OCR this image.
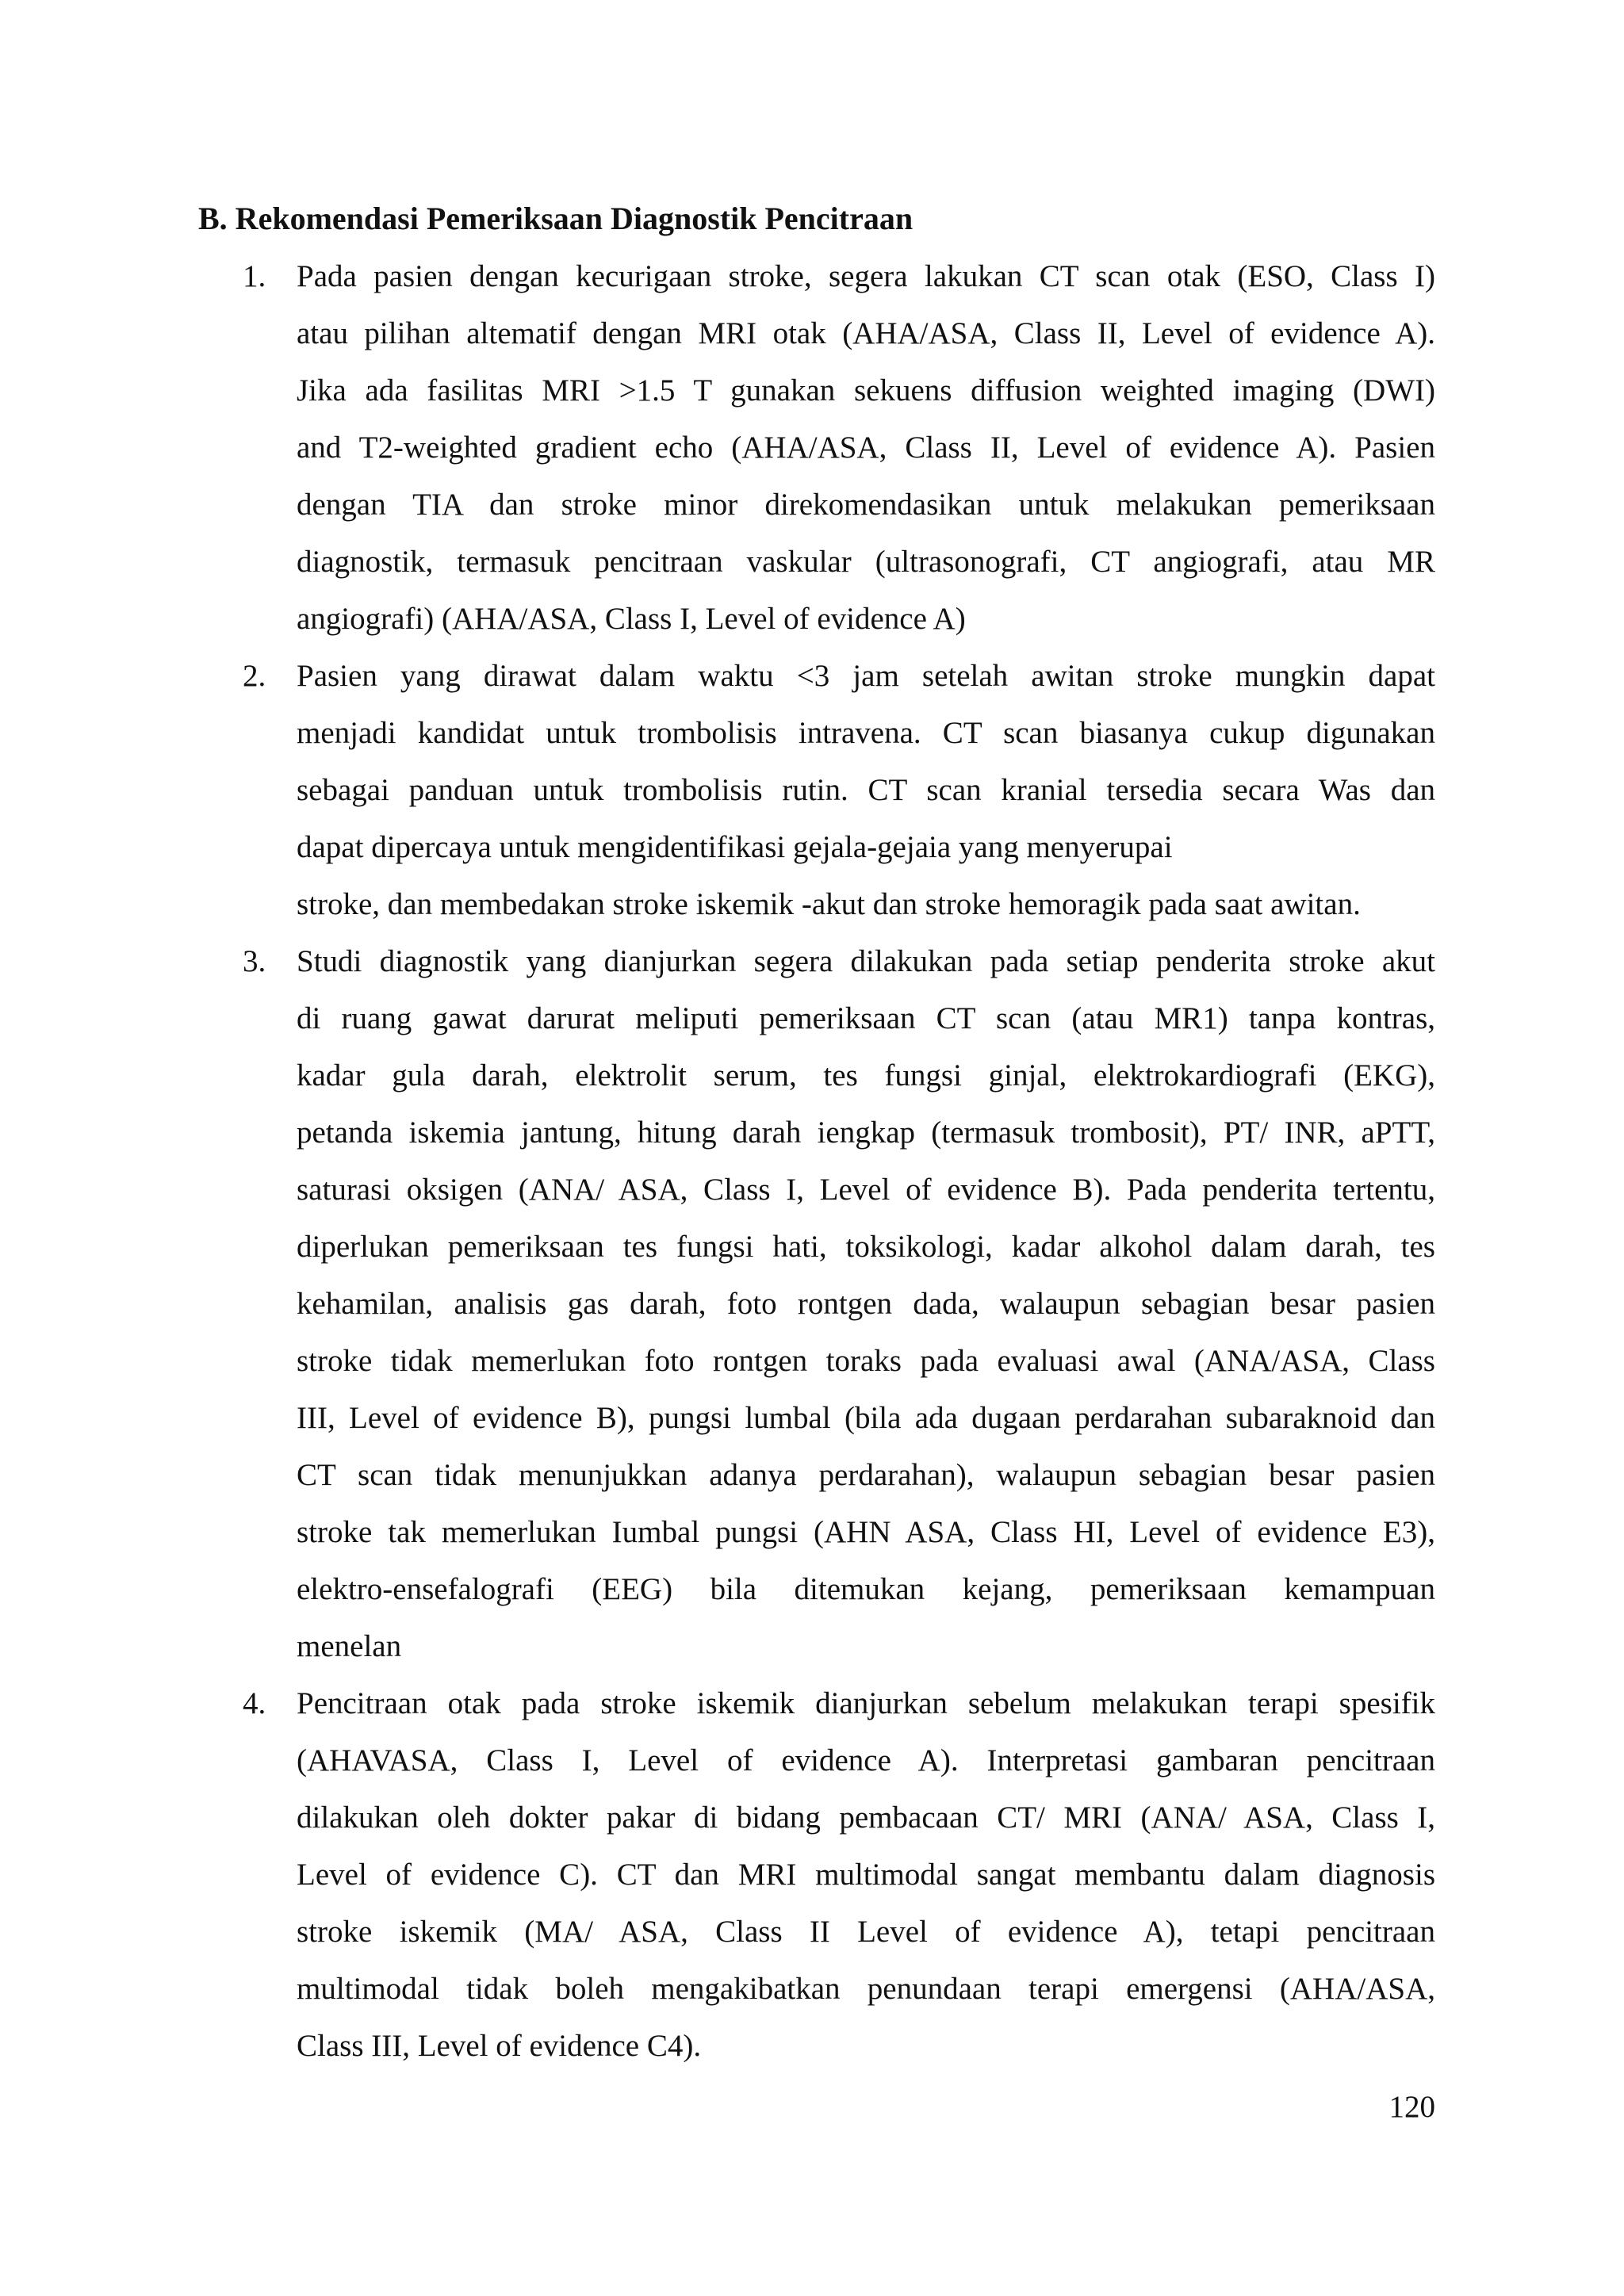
B. Rekomendasi Pemeriksaan Diagnostik Pencitraan
1. Pada pasien dengan kecurigaan stroke, segera lakukan CT scan otak (ESO, Class I)
atau pilihan altematif dengan MRI otak (AHA/ASA, Class II, Level of evidence A).
Jika ada fasilitas MRI >1.5 T gunakan sekuens diffusion weighted imaging (DWI)
and T2-weighted gradient echo (AHA/ASA, Class II, Level of evidence A). Pasien
dengan TIA dan stroke minor direkomendasikan untuk melakukan pemeriksaan
diagnostik, termasuk pencitraan vaskular (ultrasonografi, CT angiografi, atau MR
angiografi) (AHA/ASA, Class I, Level of evidence A)
2. Pasien yang dirawat dalam waktu <3 jam setelah awitan stroke mungkin dapat
menjadi kandidat untuk trombolisis intravena. CT scan biasanya cukup digunakan
sebagai panduan untuk trombolisis rutin. CT scan kranial tersedia secara Was dan
dapat dipercaya untuk mengidentifikasi gejala-gejaia yang menyerupai
stroke, dan membedakan stroke iskemik -akut dan stroke hemoragik pada saat awitan.
3. Studi diagnostik yang dianjurkan segera dilakukan pada setiap penderita stroke akut
di ruang gawat darurat meliputi pemeriksaan CT scan (atau MR1) tanpa kontras,
kadar gula darah, elektrolit serum, tes fungsi ginjal, elektrokardiografi (EKG),
petanda iskemia jantung, hitung darah iengkap (termasuk trombosit), PT/ INR, aPTT,
saturasi oksigen (ANA/ ASA, Class I, Level of evidence B). Pada penderita tertentu,
diperlukan pemeriksaan tes fungsi hati, toksikologi, kadar alkohol dalam darah, tes
kehamilan, analisis gas darah, foto rontgen dada, walaupun sebagian besar pasien
stroke tidak memerlukan foto rontgen toraks pada evaluasi awal (ANA/ASA, Class
III, Level of evidence B), pungsi lumbal (bila ada dugaan perdarahan subaraknoid dan
CT scan tidak menunjukkan adanya perdarahan), walaupun sebagian besar pasien
stroke tak memerlukan Iumbal pungsi (AHN ASA, Class HI, Level of evidence E3),
elektro-ensefalografi (EEG) bila ditemukan kejang, pemeriksaan kemampuan
menelan
4. Pencitraan otak pada stroke iskemik dianjurkan sebelum melakukan terapi spesifik
(AHAVASA, Class I, Level of evidence A). Interpretasi gambaran pencitraan
dilakukan oleh dokter pakar di bidang pembacaan CT/ MRI (ANA/ ASA, Class I,
Level of evidence C). CT dan MRI multimodal sangat membantu dalam diagnosis
stroke iskemik (MA/ ASA, Class II Level of evidence A), tetapi pencitraan
multimodal tidak boleh mengakibatkan penundaan terapi emergensi (AHA/ASA,
Class III, Level of evidence C4).
120
